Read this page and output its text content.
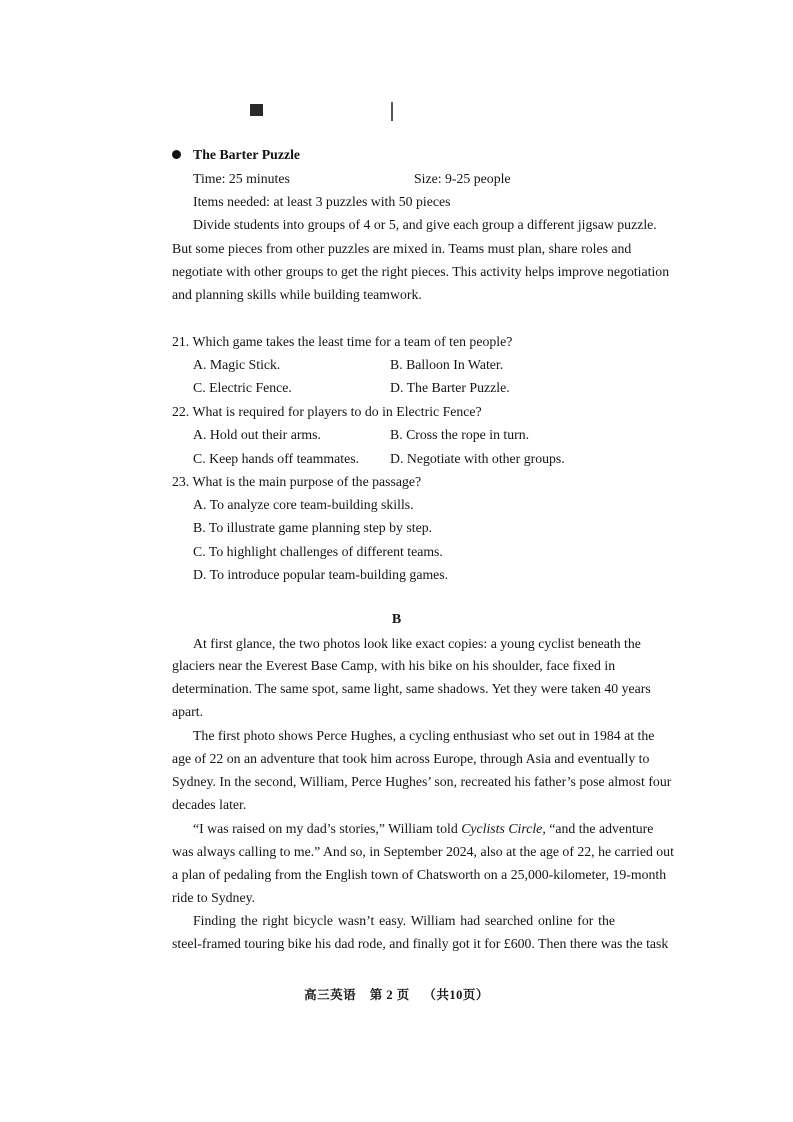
The Barter Puzzle
Time: 25 minutes	Size: 9-25 people
Items needed: at least 3 puzzles with 50 pieces
Divide students into groups of 4 or 5, and give each group a different jigsaw puzzle.
But some pieces from other puzzles are mixed in. Teams must plan, share roles and
negotiate with other groups to get the right pieces. This activity helps improve negotiation
and planning skills while building teamwork.
21. Which game takes the least time for a team of ten people?
A. Magic Stick.	B. Balloon In Water.
C. Electric Fence.	D. The Barter Puzzle.
22. What is required for players to do in Electric Fence?
A. Hold out their arms.	B. Cross the rope in turn.
C. Keep hands off teammates. D. Negotiate with other groups.
23. What is the main purpose of the passage?
A. To analyze core team-building skills.
B. To illustrate game planning step by step.
C. To highlight challenges of different teams.
D. To introduce popular team-building games.
B
At first glance, the two photos look like exact copies: a young cyclist beneath the
glaciers near the Everest Base Camp, with his bike on his shoulder, face fixed in
determination. The same spot, same light, same shadows. Yet they were taken 40 years
apart.
The first photo shows Perce Hughes, a cycling enthusiast who set out in 1984 at the
age of 22 on an adventure that took him across Europe, through Asia and eventually to
Sydney. In the second, William, Perce Hughes’ son, recreated his father’s pose almost four
decades later.
“I was raised on my dad’s stories,” William told Cyclists Circle, “and the adventure
was always calling to me.” And so, in September 2024, also at the age of 22, he carried out
a plan of pedaling from the English town of Chatsworth on a 25,000-kilometer, 19-month
ride to Sydney.
Finding the right bicycle wasn’t easy. William had searched online for the
steel-framed touring bike his dad rode, and finally got it for £600. Then there was the task
高三英语 第 2 页 （共10页）
